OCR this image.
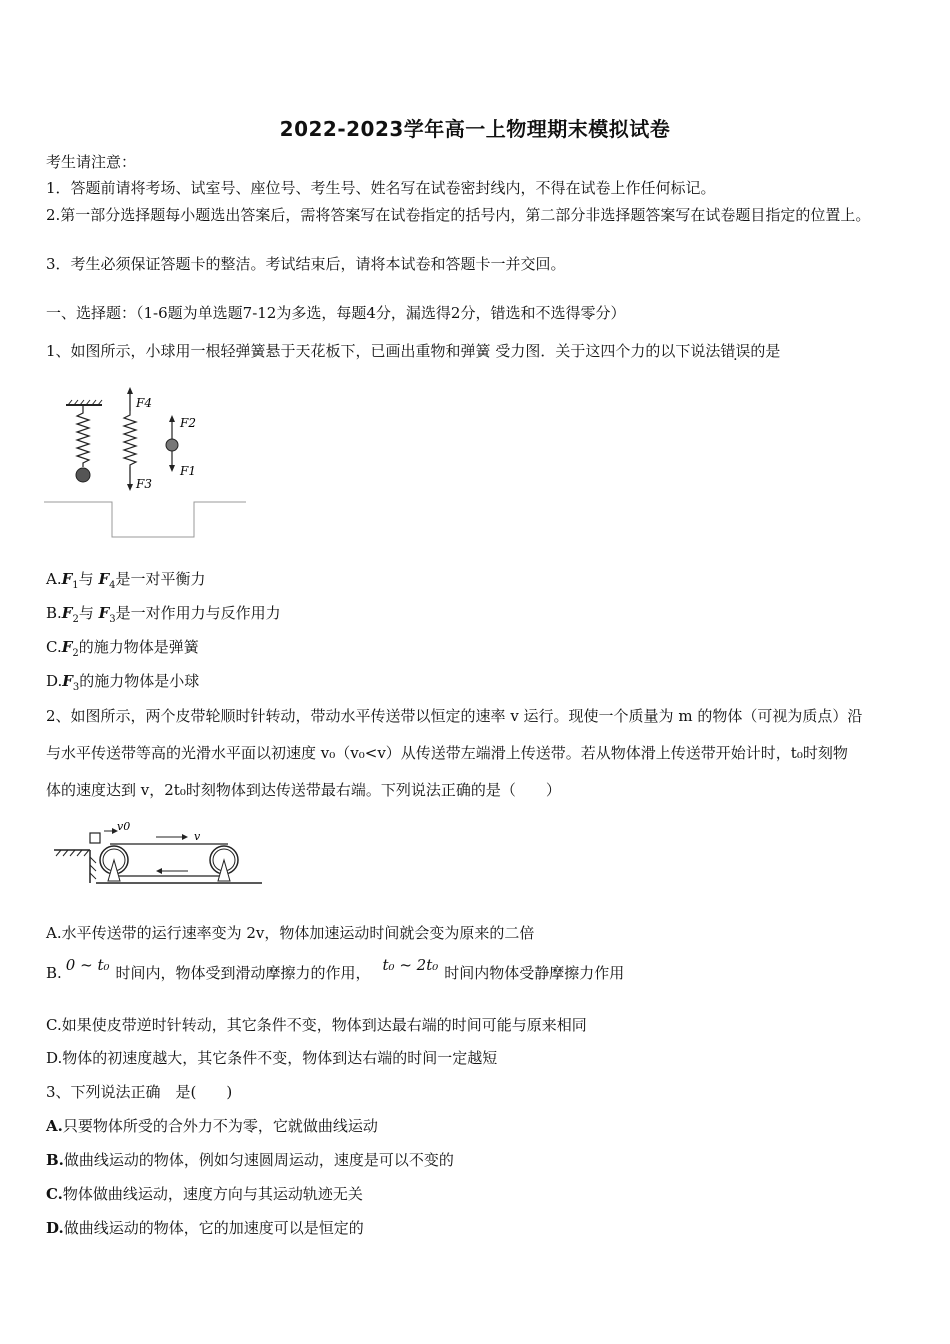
2022-2023学年高一上物理期末模拟试卷
考生请注意：
1．答题前请将考场、试室号、座位号、考生号、姓名写在试卷密封线内，不得在试卷上作任何标记。
2.第一部分选择题每小题选出答案后，需将答案写在试卷指定的括号内，第二部分非选择题答案写在试卷题目指定的位置上。
3．考生必须保证答题卡的整洁。考试结束后，请将本试卷和答题卡一并交回。
一、选择题：（1-6题为单选题7-12为多选，每题4分，漏选得2分，错选和不选得零分）
1、如图所示，小球用一根轻弹簧悬于天花板下，已画出重物和弹簧 受力图．关于这四个力的以下说法错误的是
F4
F3
F2
F1
$A.F_1$与 $F_4$是一对平衡力
$B.F_2$与 $F_3$是一对作用力与反作用力
$C.F_2$的施力物体是弹簧
$D.F_3$的施力物体是小球
2、如图所示，两个皮带轮顺时针转动，带动水平传送带以恒定的速率 v 运行。现使一个质量为 m 的物体（可视为质点）沿
与水平传送带等高的光滑水平面以初速度 v₀（v₀<v）从传送带左端滑上传送带。若从物体滑上传送带开始计时，t₀时刻物
体的速度达到 v，2t₀时刻物体到达传送带最右端。下列说法正确的是（　　）
v0
v
A.水平传送带的运行速率变为 2v，物体加速运动时间就会变为原来的二倍
B. 0 ~ t₀ 时间内，物体受到滑动摩擦力的作用， t₀ ~ 2t₀ 时间内物体受静摩擦力作用
C.如果使皮带逆时针转动，其它条件不变，物体到达最右端的时间可能与原来相同
D.物体的初速度越大，其它条件不变，物体到达右端的时间一定越短
3、下列说法正确　是(　　)
A.只要物体所受的合外力不为零，它就做曲线运动
B.做曲线运动的物体，例如匀速圆周运动，速度是可以不变的
C.物体做曲线运动，速度方向与其运动轨迹无关
D.做曲线运动的物体，它的加速度可以是恒定的
